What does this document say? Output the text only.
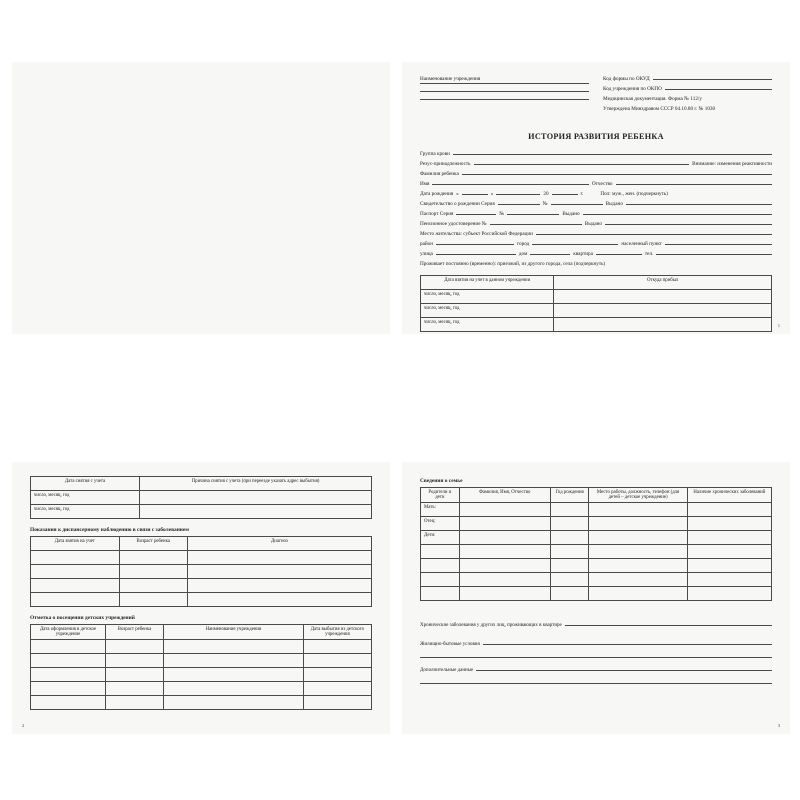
Наименование учреждения	Код формы по ОКУД
Код учреждения по ОКПО
Медицинская документация. Форма № 112/у
Утверждена Минздравом СССР 04.10.80 г. № 1030
ИСТОРИЯ РАЗВИТИЯ РЕБЕНКА
Группа крови
Резус-принадлежность	Внимание: изменения реактивности
Фамилия ребенка
Имя	Отчество
Дата рождения «	»	20	г.	Пол: муж., жен. (подчеркнуть)
Свидетельство о рождении Серия	№	Выдано
Паспорт Серия	№	Выдано
Пенсионное удостоверение №	Выдано
Место жительства: субъект Российской Федерации
район	город	населенный пункт
улица	дом	квартира	тел.
Проживает постоянно (временно): приезжий, из другого города, села (подчеркнуть)
Дата взятия на учет в данном учреждении	Откуда прибыл
число, месяц, год	
число, месяц, год	
число, месяц, год	
1
Дата снятия с учета	Причина снятия с учета (при переезде указать адрес выбытия)
число, месяц, год	
число, месяц, год	
Показания к диспансерному наблюдению в связи с заболеванием
Дата взятия на учет	Возраст ребенка	Диагноз

Отметка о посещении детских учреждений
Дата оформления в детское учреждение	Возраст ребенка	Наименование учреждения	Дата выбытия из детского учреждения

2
Сведения о семье
Родители и дети	Фамилия, Имя, Отчество	Год рождения	Место работы, должность, телефон (для детей – детское учреждение)	Наличие хронических заболеваний
Мать:				
Отец:				
Дети:				

Хронические заболевания у других лиц, проживающих в квартире
Жилищно-бытовые условия
Дополнительные данные
3
